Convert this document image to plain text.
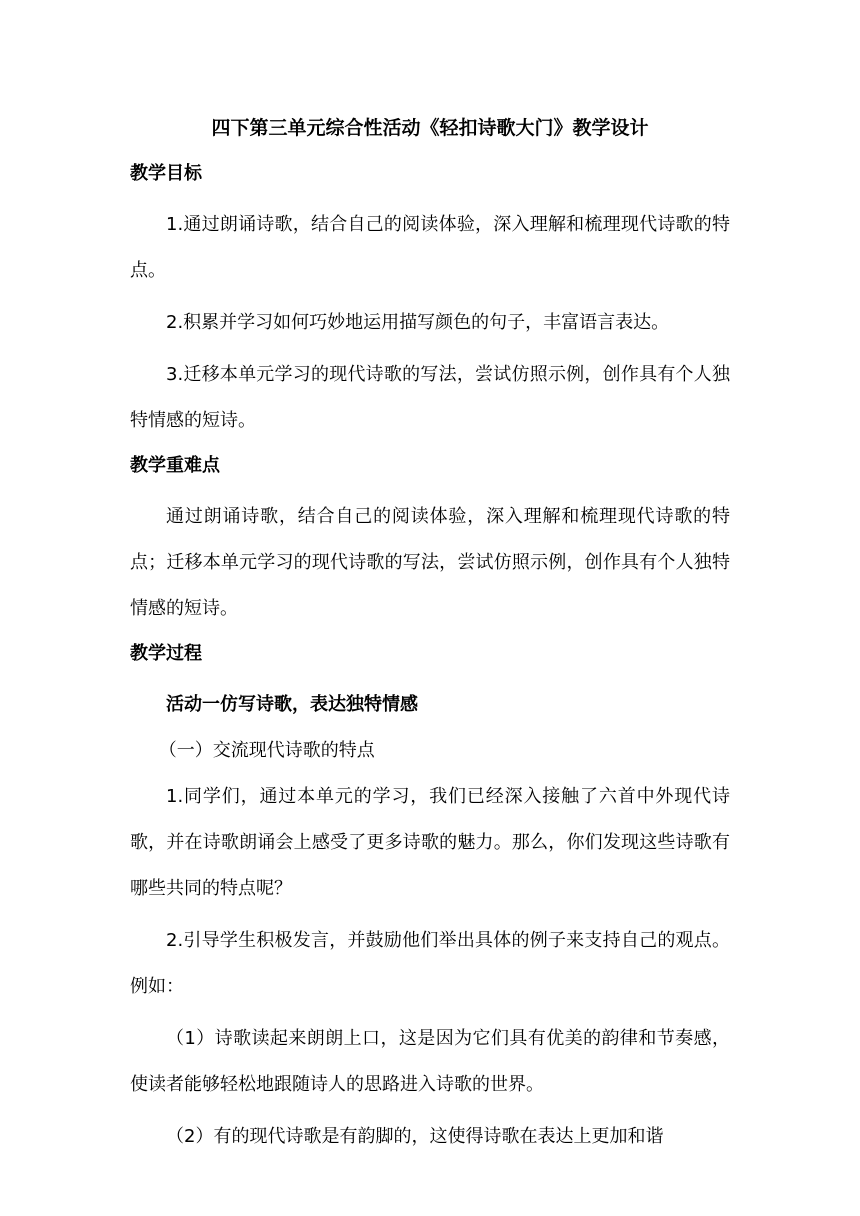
四下第三单元综合性活动《轻扣诗歌大门》教学设计
教学目标

1.通过朗诵诗歌，结合自己的阅读体验，深入理解和梳理现代诗歌的特点。

2.积累并学习如何巧妙地运用描写颜色的句子，丰富语言表达。

3.迁移本单元学习的现代诗歌的写法，尝试仿照示例，创作具有个人独特情感的短诗。

教学重难点

通过朗诵诗歌，结合自己的阅读体验，深入理解和梳理现代诗歌的特点；迁移本单元学习的现代诗歌的写法，尝试仿照示例，创作具有个人独特情感的短诗。

教学过程

活动一仿写诗歌，表达独特情感

（一）交流现代诗歌的特点

1.同学们，通过本单元的学习，我们已经深入接触了六首中外现代诗歌，并在诗歌朗诵会上感受了更多诗歌的魅力。那么，你们发现这些诗歌有哪些共同的特点呢？

2.引导学生积极发言，并鼓励他们举出具体的例子来支持自己的观点。例如：

（1）诗歌读起来朗朗上口，这是因为它们具有优美的韵律和节奏感，使读者能够轻松地跟随诗人的思路进入诗歌的世界。

（2）有的现代诗歌是有韵脚的，这使得诗歌在表达上更加和谐
